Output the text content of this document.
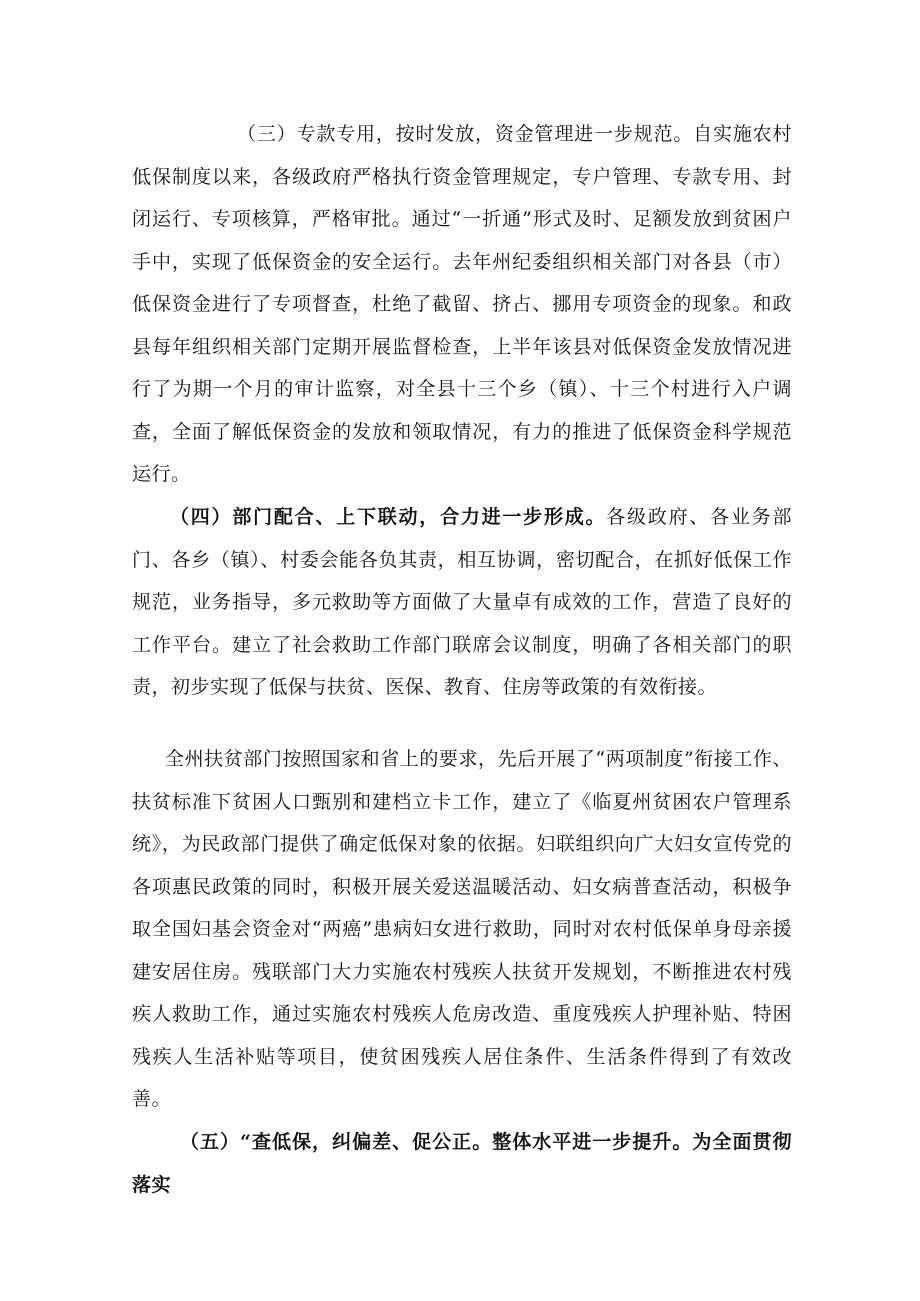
（三）专款专用，按时发放，资金管理进一步规范。自实施农村低保制度以来，各级政府严格执行资金管理规定，专户管理、专款专用、封闭运行、专项核算，严格审批。通过“一折通”形式及时、足额发放到贫困户手中，实现了低保资金的安全运行。去年州纪委组织相关部门对各县（市）低保资金进行了专项督查，杜绝了截留、挤占、挪用专项资金的现象。和政县每年组织相关部门定期开展监督检查，上半年该县对低保资金发放情况进行了为期一个月的审计监察，对全县十三个乡（镇）、十三个村进行入户调查，全面了解低保资金的发放和领取情况，有力的推进了低保资金科学规范运行。

（四）部门配合、上下联动，合力进一步形成。各级政府、各业务部门、各乡（镇）、村委会能各负其责，相互协调，密切配合，在抓好低保工作规范，业务指导，多元救助等方面做了大量卓有成效的工作，营造了良好的工作平台。建立了社会救助工作部门联席会议制度，明确了各相关部门的职责，初步实现了低保与扶贫、医保、教育、住房等政策的有效衔接。

全州扶贫部门按照国家和省上的要求，先后开展了“两项制度”衔接工作、扶贫标准下贫困人口甄别和建档立卡工作，建立了《临夏州贫困农户管理系统》，为民政部门提供了确定低保对象的依据。妇联组织向广大妇女宣传党的各项惠民政策的同时，积极开展关爱送温暖活动、妇女病普查活动，积极争取全国妇基会资金对“两癌”患病妇女进行救助，同时对农村低保单身母亲援建安居住房。残联部门大力实施农村残疾人扶贫开发规划，不断推进农村残疾人救助工作，通过实施农村残疾人危房改造、重度残疾人护理补贴、特困残疾人生活补贴等项目，使贫困残疾人居住条件、生活条件得到了有效改善。

（五）“查低保，纠偏差、促公正。整体水平进一步提升。为全面贯彻落实
